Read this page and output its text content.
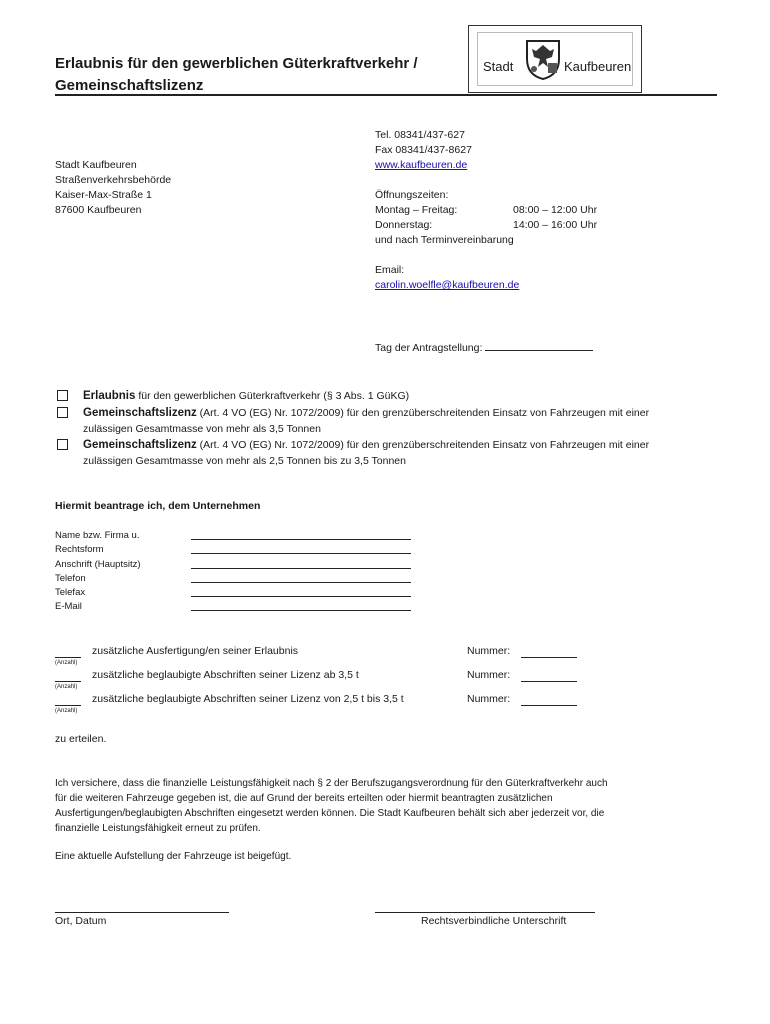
Erlaubnis für den gewerblichen Güterkraftverkehr /
Gemeinschaftslizenz
Stadt	Kaufbeuren
Tel. 08341/437-627
Fax 08341/437-8627
www.kaufbeuren.de
Öffnungszeiten:
Montag – Freitag:	08:00 – 12:00 Uhr
Donnerstag:	14:00 – 16:00 Uhr
und nach Terminvereinbarung
Email:
carolin.woelfle@kaufbeuren.de
Stadt Kaufbeuren
Straßenverkehrsbehörde
Kaiser-Max-Straße 1
87600 Kaufbeuren
Tag der Antragstellung:
Erlaubnis für den gewerblichen Güterkraftverkehr (§ 3 Abs. 1 GüKG)
Gemeinschaftslizenz (Art. 4 VO (EG) Nr. 1072/2009) für den grenzüberschreitenden Einsatz von Fahrzeugen mit einer
zulässigen Gesamtmasse von mehr als 3,5 Tonnen
Gemeinschaftslizenz (Art. 4 VO (EG) Nr. 1072/2009) für den grenzüberschreitenden Einsatz von Fahrzeugen mit einer
zulässigen Gesamtmasse von mehr als 2,5 Tonnen bis zu 3,5 Tonnen
Hiermit beantrage ich, dem Unternehmen
Name bzw. Firma u.
Rechtsform
Anschrift (Hauptsitz)
Telefon
Telefax
E-Mail
(Anzahl)
zusätzliche Ausfertigung/en seiner Erlaubnis	Nummer:
(Anzahl)
zusätzliche beglaubigte Abschriften seiner Lizenz ab 3,5 t	Nummer:
(Anzahl)
zusätzliche beglaubigte Abschriften seiner Lizenz von 2,5 t bis 3,5 t	Nummer:
zu erteilen.
Ich versichere, dass die finanzielle Leistungsfähigkeit nach § 2 der Berufszugangsverordnung für den Güterkraftverkehr auch
für die weiteren Fahrzeuge gegeben ist, die auf Grund der bereits erteilten oder hiermit beantragten zusätzlichen
Ausfertigungen/beglaubigten Abschriften eingesetzt werden können. Die Stadt Kaufbeuren behält sich aber jederzeit vor, die
finanzielle Leistungsfähigkeit erneut zu prüfen.
Eine aktuelle Aufstellung der Fahrzeuge ist beigefügt.
Ort, Datum	Rechtsverbindliche Unterschrift
